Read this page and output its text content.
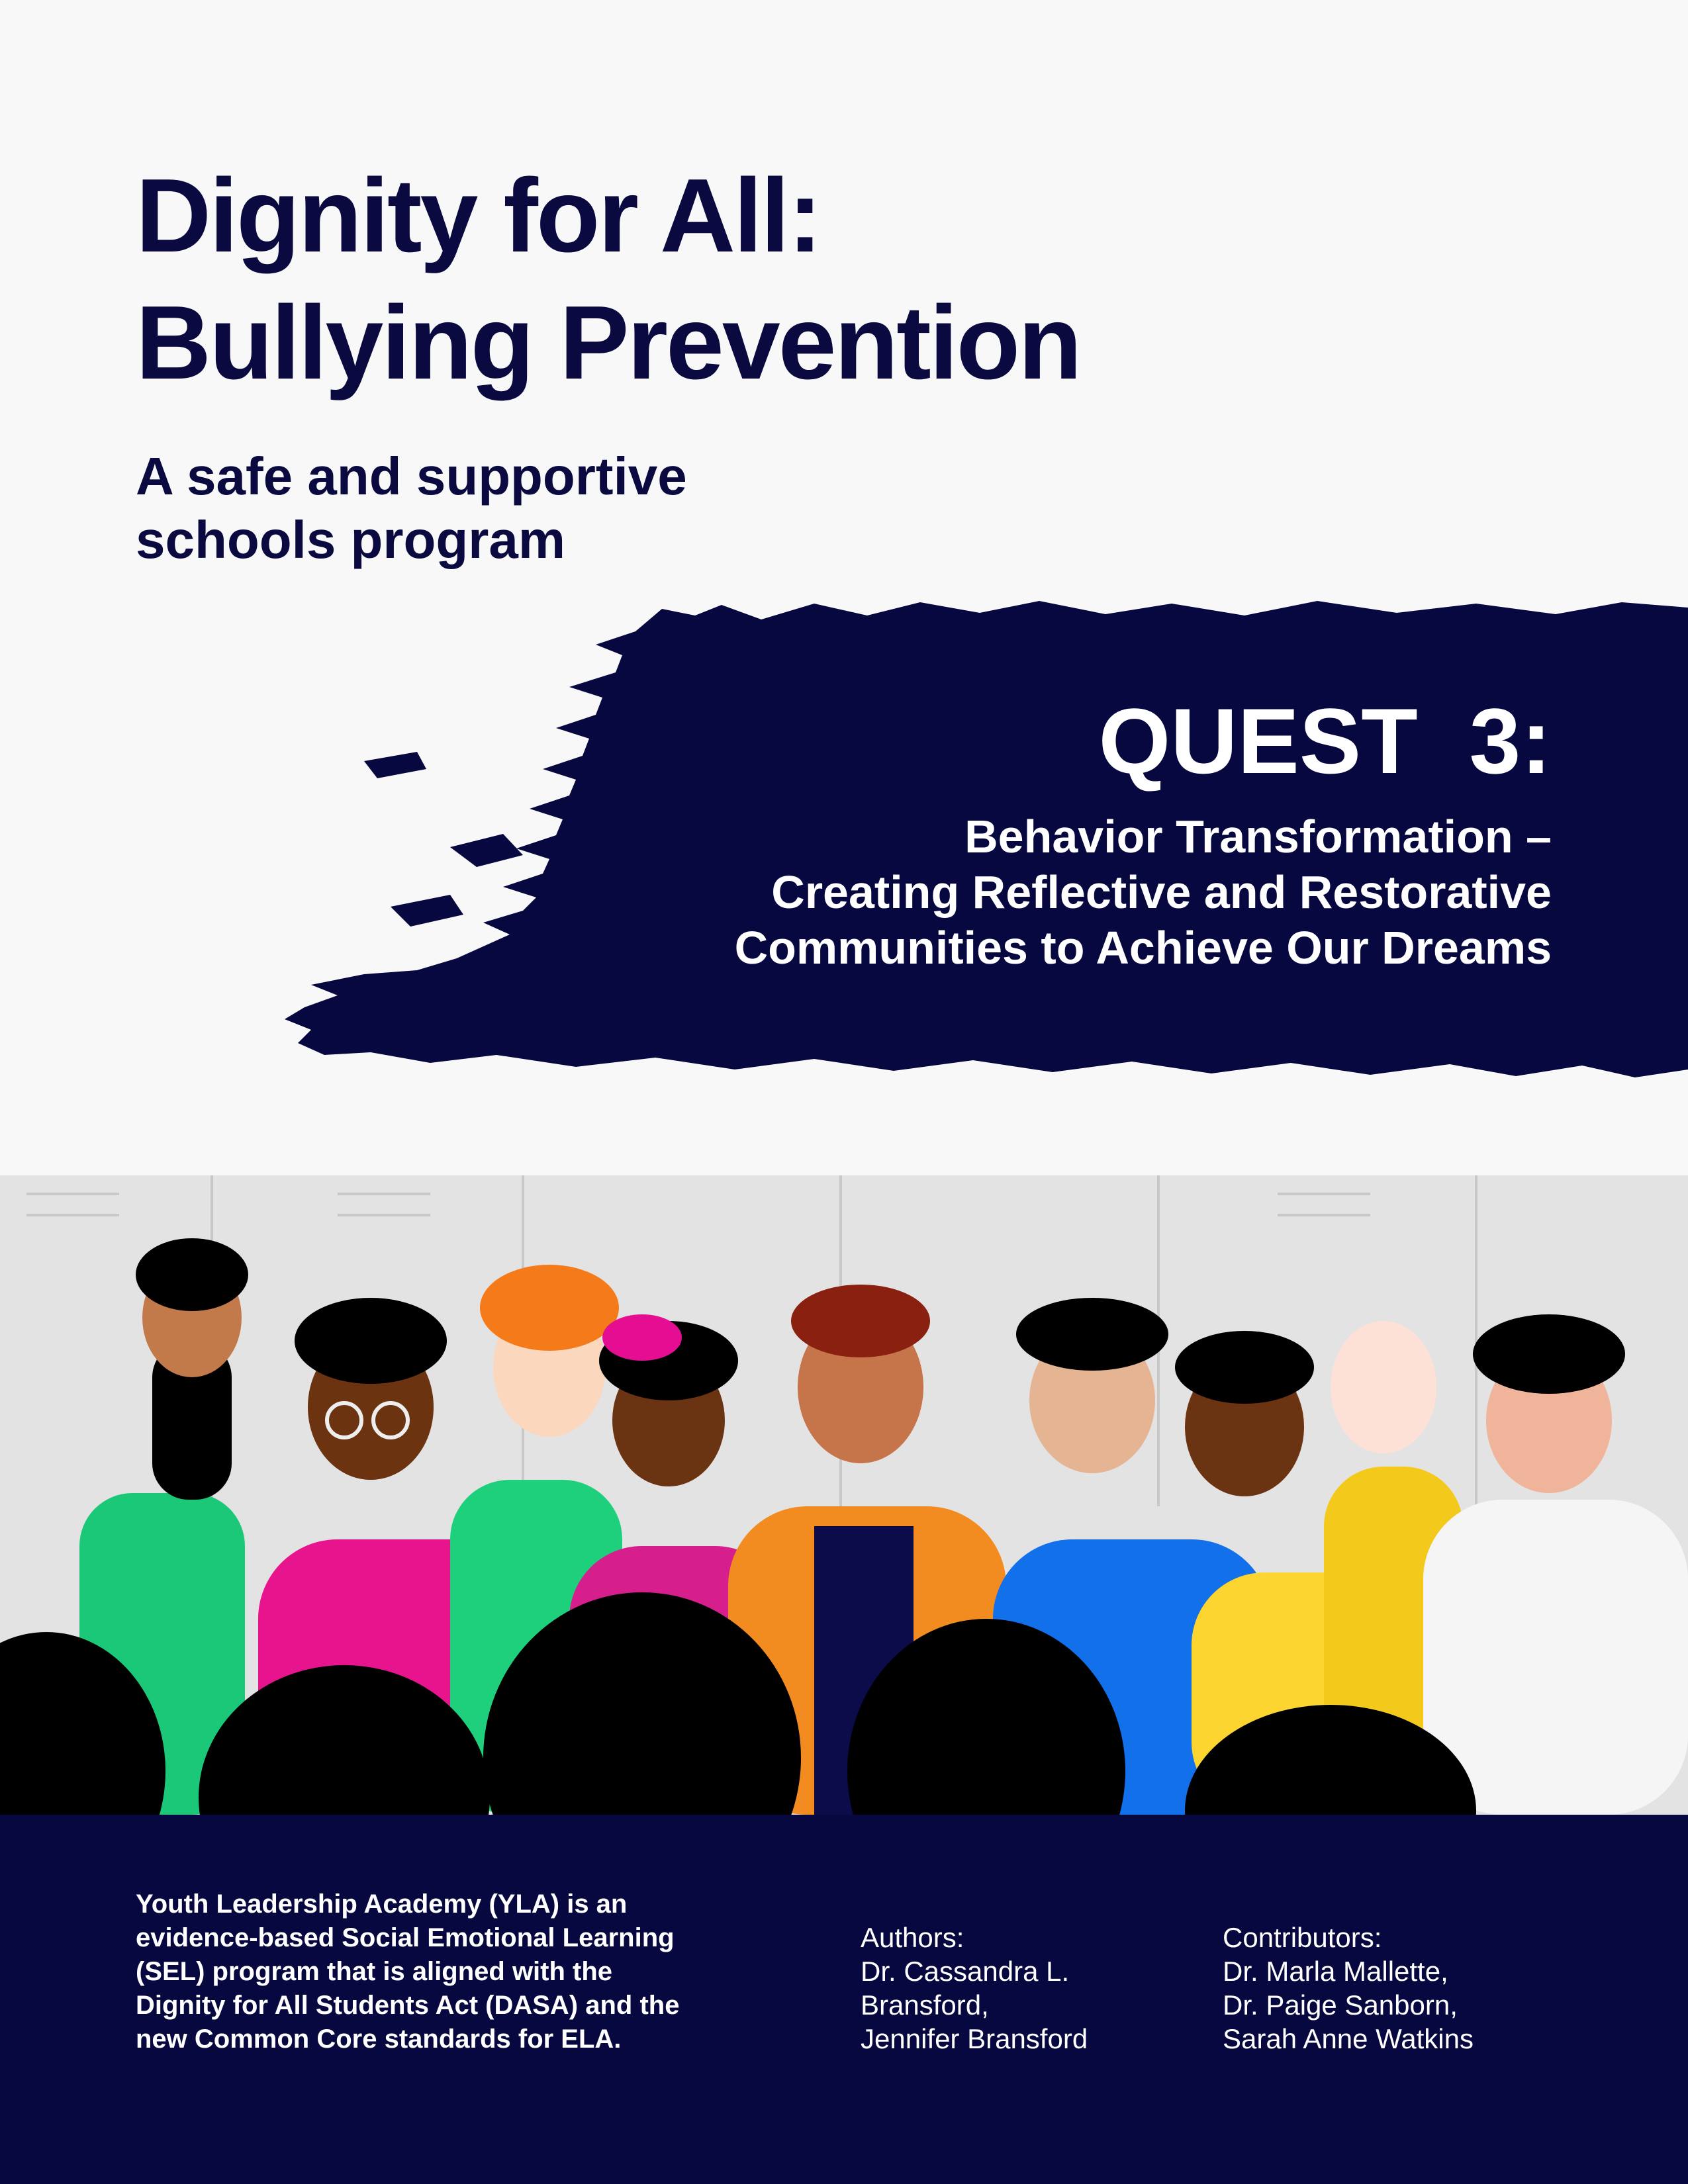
Dignity for All:
Bullying Prevention
A safe and supportive
schools program
QUEST  3:
Behavior Transformation –
Creating Reflective and Restorative
Communities to Achieve Our Dreams
Youth Leadership Academy (YLA) is an
evidence-based Social Emotional Learning
(SEL) program that is aligned with the
Dignity for All Students Act (DASA) and the
new Common Core standards for ELA.
Authors:
Dr. Cassandra L.
Bransford,
Jennifer Bransford
Contributors:
Dr. Marla Mallette,
Dr. Paige Sanborn,
Sarah Anne Watkins
